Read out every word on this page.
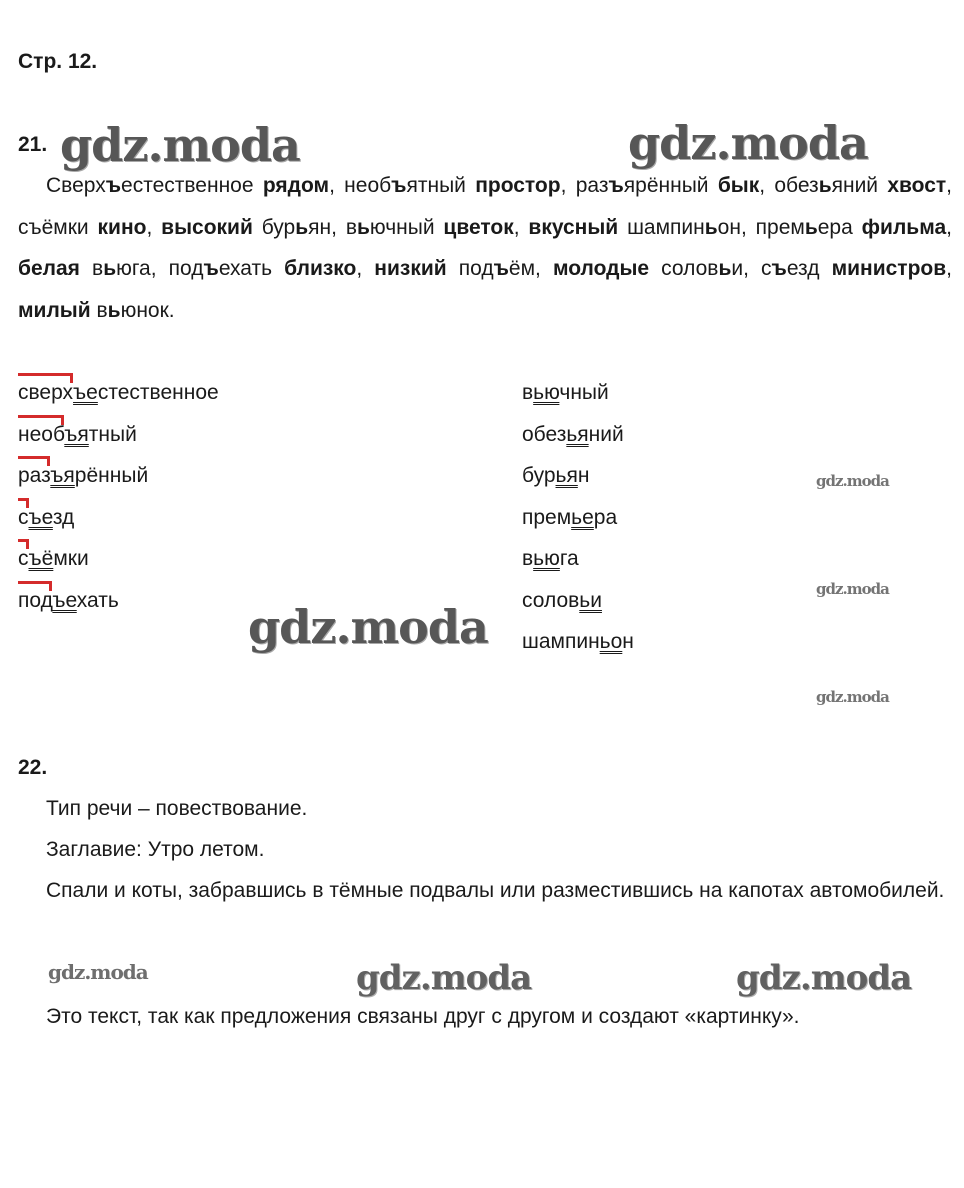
Стр. 12.
21.
Сверхъестественное рядом, необъятный простор, разъярённый бык, обезьяний хвост, съёмки кино, высокий бурьян, вьючный цветок, вкусный шампиньон, премьера фильма, белая вьюга, подъехать близко, низкий подъём, молодые соловьи, съезд министров, милый вьюнок.
сверхъестественное
необъятный
разъярённый
съезд
съёмки
подъехать
вьючный
обезьяний
бурьян
премьера
вьюга
соловьи
шампиньон
22.
Тип речи – повествование.
Заглавие: Утро летом.
Спали и коты, забравшись в тёмные подвалы или разместившись на капотах автомобилей.
Это текст, так как предложения связаны друг с другом и создают «картинку».
gdz.moda	gdz.moda
gdz.moda
gdz.moda
gdz.moda
gdz.moda
gdz.moda	gdz.moda	gdz.moda
